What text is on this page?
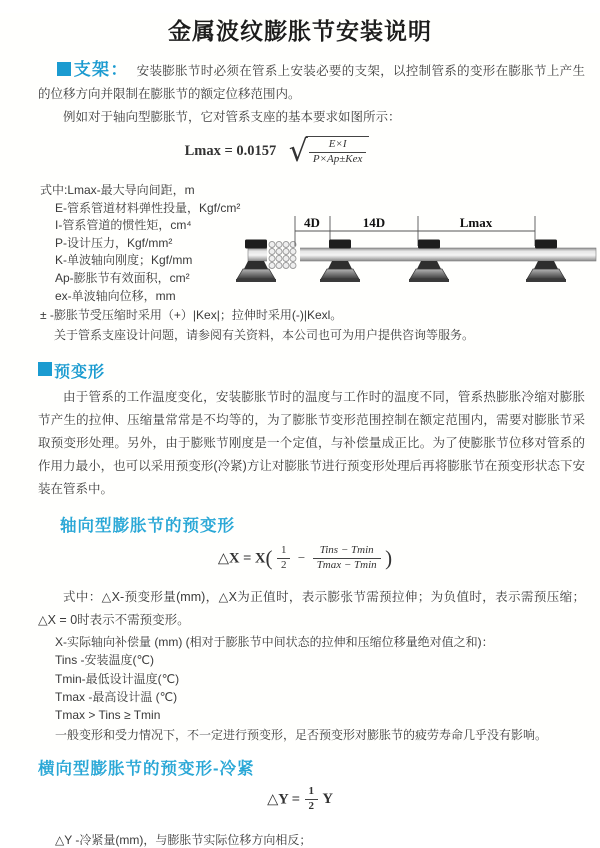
金属波纹膨胀节安装说明
支架： 安装膨胀节时必须在管系上安装必要的支架，以控制管系的变形在膨胀节上产生的位移方向并限制在膨胀节的额定位移范围内。
例如对于轴向型膨胀节，它对管系支座的基本要求如图所示：
Lmax = 0.0157 √ $\frac{E\times I}{\text{P×Ap±Kex}}$
式中:Lmax-最大导向间距，m
E-管系管道材料弹性投量，Kgf/cm²
I-管系管道的惯性矩，cm⁴
P-设计压力，Kgf/mm²
K-单波轴向刚度；Kgf/mm
Ap-膨胀节有效面积，cm²
ex-单波轴向位移，mm
± -膨胀节受压缩时采用（+）|Kex|；拉伸时采用(-)|Kexl。
关于管系支座设计问题，请参阅有关资料，本公司也可为用户提供咨询等服务。
4D	14D	Lmax
预变形
由于管系的工作温度变化，安装膨胀节时的温度与工作时的温度不同，管系热膨胀冷缩对膨胀节产生的拉伸、压缩量常常是不均等的，为了膨胀节变形范围控制在额定范围内，需要对膨胀节采取预变形处理。另外，由于膨账节刚度是一个定值，与补偿量成正比。为了使膨胀节位移对管系的作用力最小，也可以采用预变形(冷紧)方让对膨胀节进行预变形处理后再将膨胀节在预变形状态下安装在管系中。
轴向型膨胀节的预变形
△X = $X( \frac{1}{2} - \frac{\text{Tins − Tmin}}{Tmax - Tmin}$ )
式中：△X-预变形量(mm)，△X为正值时，表示膨张节需预拉伸；为负值时，表示需预压缩；△X = 0时表示不需预变形。
X-实际轴向补偿量 (mm) (相对于膨胀节中间状态的拉伸和压缩位移量绝对值之和)：
Tins -安装温度(℃)
Tmin-最低设计温度(℃)
Tmax -最高设计温 (℃)
Tmax > Tins ≥ Tmin
一般变形和受力情况下，不一定进行预变形，足否预变形对膨胀节的疲劳寿命几乎没有影响。
横向型膨胀节的预变形-冷紧
△Y = $\frac{1}{2}$ Y
△Y -冷紧量(mm)，与膨胀节实际位移方向相反；
